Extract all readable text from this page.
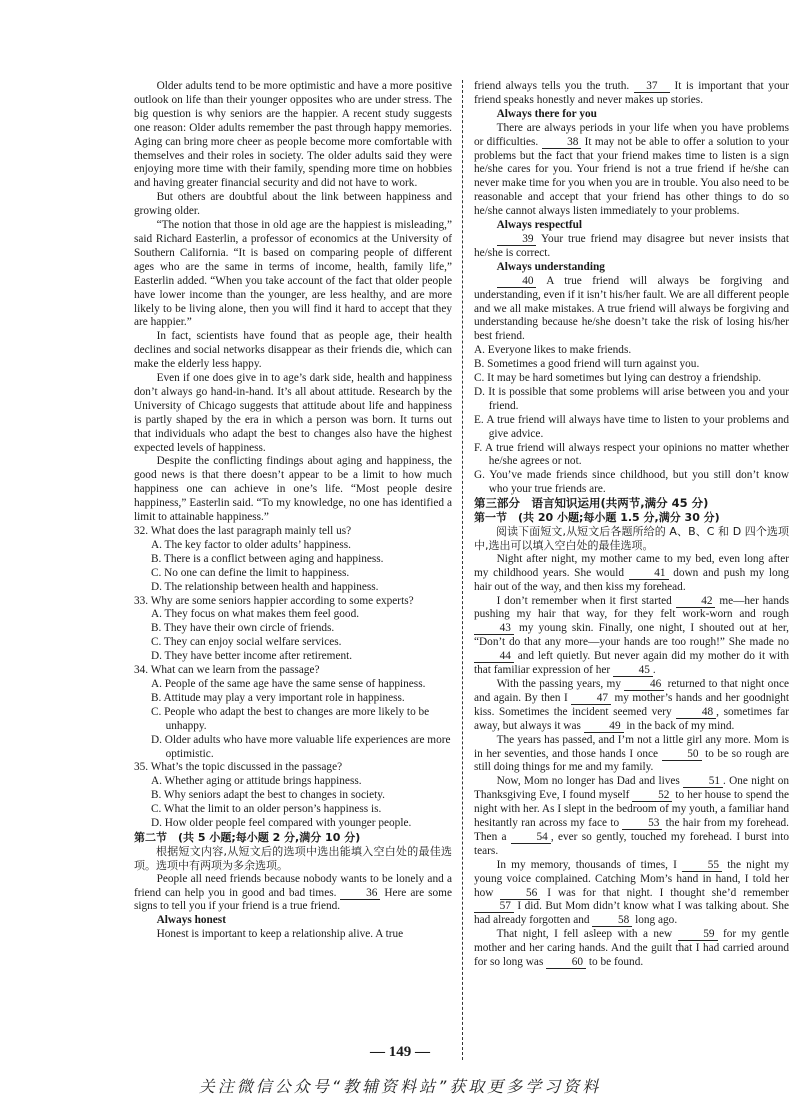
Older adults tend to be more optimistic and have a more positive outlook on life than their younger opposites who are under stress. The big question is why seniors are the happier. A recent study suggests one reason: Older adults remember the past through happy memories. Aging can bring more cheer as people become more comfortable with themselves and their roles in society. The older adults said they were enjoying more time with their family, spending more time on hobbies and having greater financial security and did not have to work.

But others are doubtful about the link between happiness and growing older.

“The notion that those in old age are the happiest is misleading,” said Richard Easterlin, a professor of economics at the University of Southern California. “It is based on comparing people of different ages who are the same in terms of income, health, family life,” Easterlin added. “When you take account of the fact that older people have lower income than the younger, are less healthy, and are more likely to be living alone, then you will find it hard to accept that they are happier.”

In fact, scientists have found that as people age, their health declines and social networks disappear as their friends die, which can make the elderly less happy.

Even if one does give in to age’s dark side, health and happiness don’t always go hand-in-hand. It’s all about attitude. Research by the University of Chicago suggests that attitude about life and happiness is partly shaped by the era in which a person was born. It turns out that individuals who adapt the best to changes also have the highest expected levels of happiness.

Despite the conflicting findings about aging and happiness, the good news is that there doesn’t appear to be a limit to how much happiness one can achieve in one’s life. “Most people desire happiness,” Easterlin said. “To my knowledge, no one has identified a limit to attainable happiness.”

32. What does the last paragraph mainly tell us?

A. The key factor to older adults’ happiness.

B. There is a conflict between aging and happiness.

C. No one can define the limit to happiness.

D. The relationship between health and happiness.

33. Why are some seniors happier according to some experts?

A. They focus on what makes them feel good.

B. They have their own circle of friends.

C. They can enjoy social welfare services.

D. They have better income after retirement.

34. What can we learn from the passage?

A. People of the same age have the same sense of happiness.

B. Attitude may play a very important role in happiness.

C. People who adapt the best to changes are more likely to be unhappy.

D. Older adults who have more valuable life experiences are more optimistic.

35. What’s the topic discussed in the passage?

A. Whether aging or attitude brings happiness.

B. Why seniors adapt the best to changes in society.

C. What the limit to an older person’s happiness is.

D. How older people feel compared with younger people.

第二节　(共 5 小题;每小题 2 分,满分 10 分)

根据短文内容,从短文后的选项中选出能填入空白处的最佳选项。选项中有两项为多余选项。

People all need friends because nobody wants to be lonely and a friend can help you in good and bad times.	36 Here are some signs to tell you if your friend is a true friend.

Always honest

Honest is important to keep a relationship alive. A true

friend always tells you the truth. 37 It is important that your friend speaks honestly and never makes up stories.

Always there for you

There are always periods in your life when you have problems or difficulties.	38 It may not be able to offer a solution to your problems but the fact that your friend makes time to listen is a sign he/she cares for you. Your friend is not a true friend if he/she can never make time for you when you are in trouble. You also need to be reasonable and accept that your friend has other things to do so he/she cannot always listen immediately to your problems.

Always respectful

39 Your true friend may disagree but never insists that he/she is correct.

Always understanding

40 A true friend will always be forgiving and understanding, even if it isn’t his/her fault. We are all different people and we all make mistakes. A true friend will always be forgiving and understanding because he/she doesn’t take the risk of losing his/her best friend.

A. Everyone likes to make friends.

B. Sometimes a good friend will turn against you.

C. It may be hard sometimes but lying can destroy a friendship.

D. It is possible that some problems will arise between you and your friend.

E. A true friend will always have time to listen to your problems and give advice.

F. A true friend will always respect your opinions no matter whether he/she agrees or not.

G. You’ve made friends since childhood, but you still don’t know who your true friends are.

第三部分　语言知识运用(共两节,满分 45 分)

第一节　(共 20 小题;每小题 1.5 分,满分 30 分)

阅读下面短文,从短文后各题所给的 A、B、C 和 D 四个选项中,选出可以填入空白处的最佳选项。

Night after night, my mother came to my bed, even long after my childhood years. She would	41 down and push my long hair out of the way, and then kiss my forehead.

I don’t remember when it first started	42 me—her hands pushing my hair that way, for they felt work-worn and rough 43 my young skin. Finally, one night, I shouted out at her, “Don’t do that any more—your hands are too rough!” She made no 44 and left quietly. But never again did my mother do it with that familiar expression of her	45 .

With the passing years, my	46 returned to that night once and again. By then I	47 my mother’s hands and her goodnight kiss. Sometimes the incident seemed very	48 , sometimes far away, but always it was	49 in the back of my mind.

The years has passed, and I’m not a little girl any more. Mom is in her seventies, and those hands I once	50 to be so rough are still doing things for me and my family.

Now, Mom no longer has Dad and lives	51 . One night on Thanksgiving Eve, I found myself	52 to her house to spend the night with her. As I slept in the bedroom of my youth, a familiar hand hesitantly ran across my face to	53 the hair from my forehead. Then a	54 , ever so gently, touched my forehead. I burst into tears.

In my memory, thousands of times, I	55 the night my young voice complained. Catching Mom’s hand in hand, I told her how	56 I was for that night. I thought she’d remember 57 I did. But Mom didn’t know what I was talking about. She had already forgotten and	58 long ago.

That night, I fell asleep with a new	59 for my gentle mother and her caring hands. And the guilt that I had carried around for so long was	60 to be found.

— 149 —
关注微信公众号“教辅资料站”获取更多学习资料
